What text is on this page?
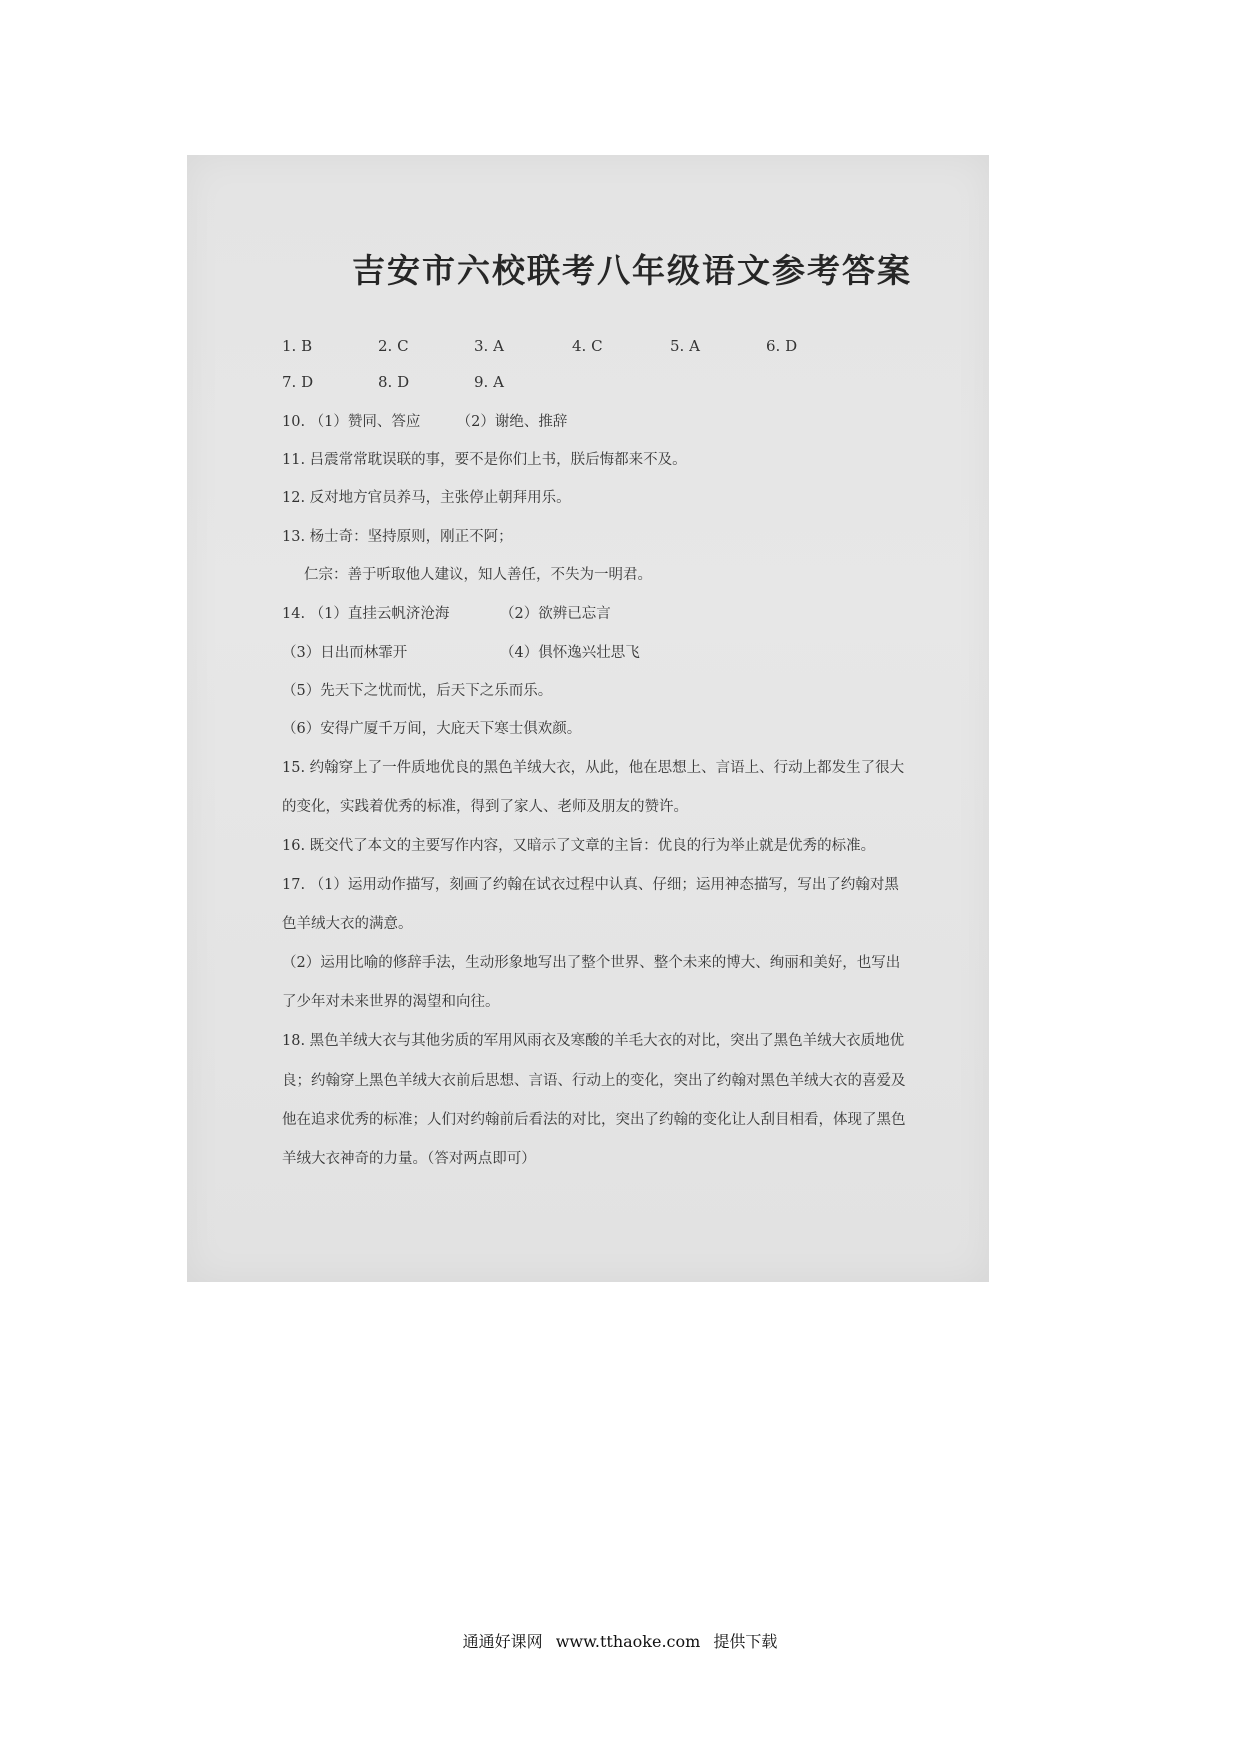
吉安市六校联考八年级语文参考答案
1. B	2. C	3. A	4. C	5. A	6. D
7. D	8. D	9. A
10. （1）赞同、答应　　　（2）谢绝、推辞
11. 吕震常常耽误联的事，要不是你们上书，朕后悔都来不及。
12. 反对地方官员养马，主张停止朝拜用乐。
13. 杨士奇：坚持原则，刚正不阿；
仁宗：善于听取他人建议，知人善任，不失为一明君。
14. （1）直挂云帆济沧海	（2）欲辨已忘言
（3）日出而林霏开	（4）俱怀逸兴壮思飞
（5）先天下之忧而忧，后天下之乐而乐。
（6）安得广厦千万间，大庇天下寒士俱欢颜。
15. 约翰穿上了一件质地优良的黑色羊绒大衣，从此，他在思想上、言语上、行动上都发生了很大
的变化，实践着优秀的标准，得到了家人、老师及朋友的赞许。
16. 既交代了本文的主要写作内容，又暗示了文章的主旨：优良的行为举止就是优秀的标准。
17. （1）运用动作描写，刻画了约翰在试衣过程中认真、仔细；运用神态描写，写出了约翰对黑
色羊绒大衣的满意。
（2）运用比喻的修辞手法，生动形象地写出了整个世界、整个未来的博大、绚丽和美好，也写出
了少年对未来世界的渴望和向往。
18. 黑色羊绒大衣与其他劣质的军用风雨衣及寒酸的羊毛大衣的对比，突出了黑色羊绒大衣质地优
良；约翰穿上黑色羊绒大衣前后思想、言语、行动上的变化，突出了约翰对黑色羊绒大衣的喜爱及
他在追求优秀的标准；人们对约翰前后看法的对比，突出了约翰的变化让人刮目相看，体现了黑色
羊绒大衣神奇的力量。（答对两点即可）
通通好课网 www.tthaoke.com 提供下载
